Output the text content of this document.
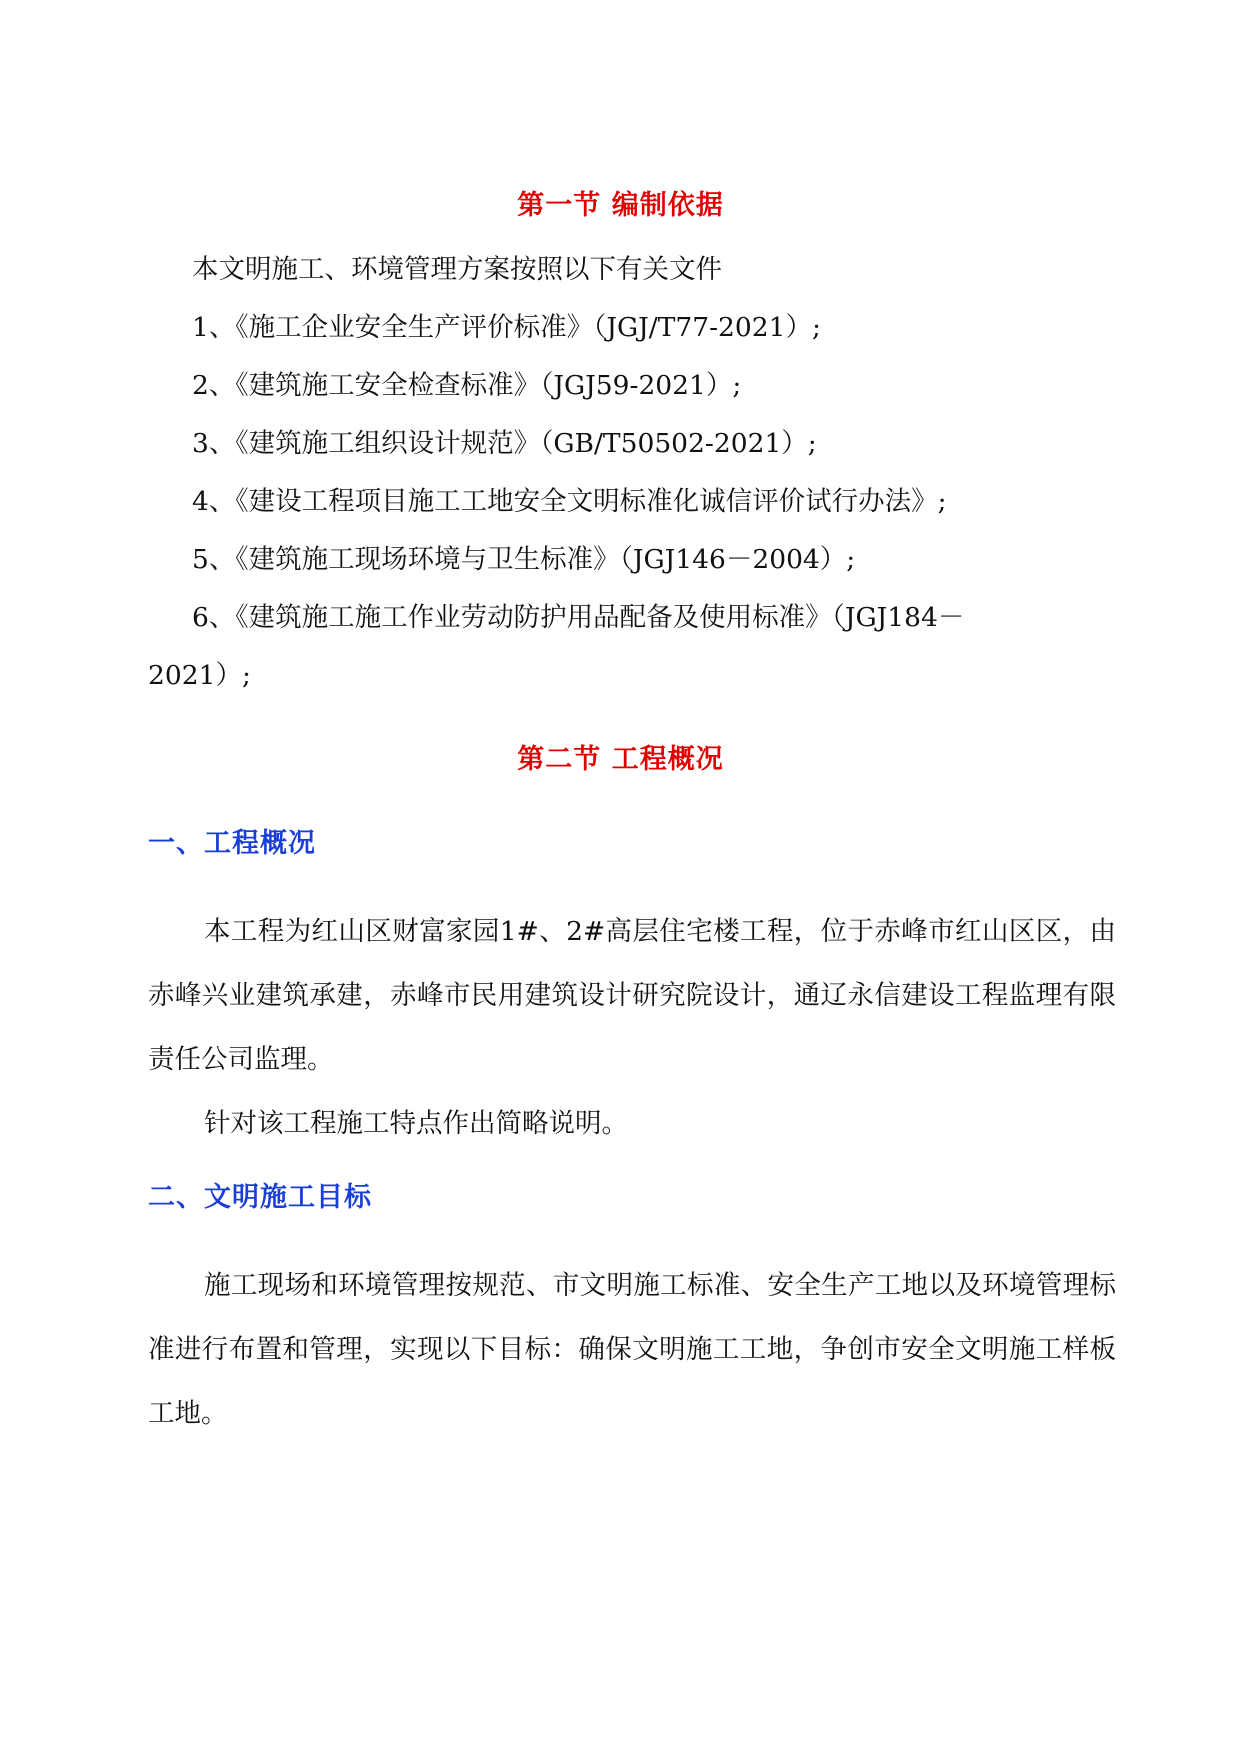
第一节 编制依据
本文明施工、环境管理方案按照以下有关文件
1、《施工企业安全生产评价标准》（JGJ/T77-2021）;
2、《建筑施工安全检查标准》（JGJ59-2021）;
3、《建筑施工组织设计规范》（GB/T50502-2021）;
4、《建设工程项目施工工地安全文明标准化诚信评价试行办法》;
5、《建筑施工现场环境与卫生标准》（JGJ146－2004）;
6、《建筑施工施工作业劳动防护用品配备及使用标准》（JGJ184－
2021）;
第二节 工程概况
一、工程概况
本工程为红山区财富家园1#、2#高层住宅楼工程，位于赤峰市红山区区，由赤峰兴业建筑承建，赤峰市民用建筑设计研究院设计，通辽永信建设工程监理有限责任公司监理。
针对该工程施工特点作出简略说明。
二、文明施工目标
施工现场和环境管理按规范、市文明施工标准、安全生产工地以及环境管理标准进行布置和管理，实现以下目标：确保文明施工工地，争创市安全文明施工样板工地。
